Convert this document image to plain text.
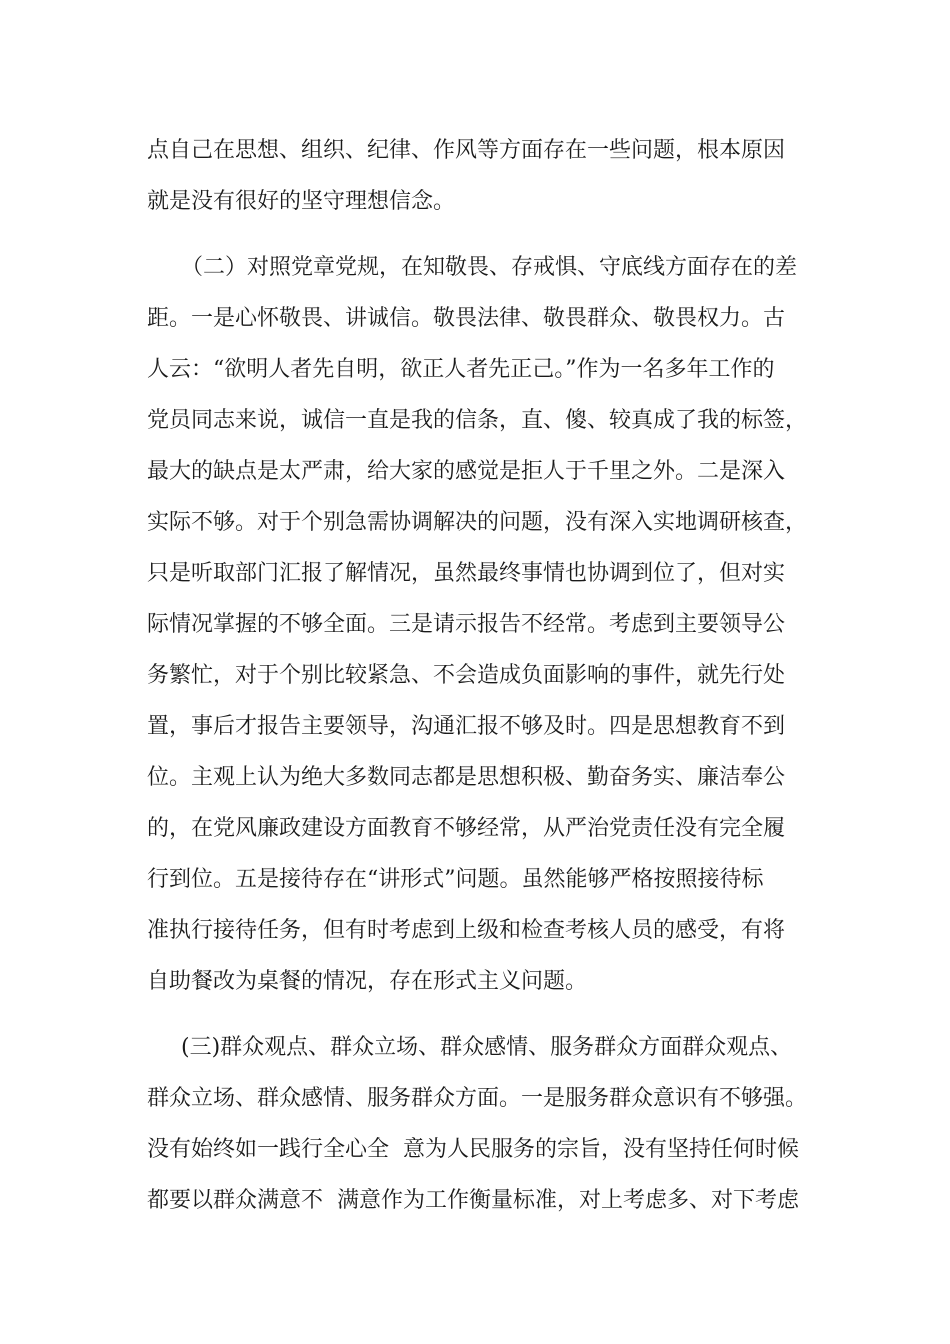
点自己在思想、组织、纪律、作风等方面存在一些问题，根本原因
就是没有很好的坚守理想信念。
（二）对照党章党规，在知敬畏、存戒惧、守底线方面存在的差
距。一是心怀敬畏、讲诚信。敬畏法律、敬畏群众、敬畏权力。古
人云：“欲明人者先自明，欲正人者先正己。”作为一名多年工作的
党员同志来说，诚信一直是我的信条，直、傻、较真成了我的标签，
最大的缺点是太严肃，给大家的感觉是拒人于千里之外。二是深入
实际不够。对于个别急需协调解决的问题，没有深入实地调研核查，
只是听取部门汇报了解情况，虽然最终事情也协调到位了，但对实
际情况掌握的不够全面。三是请示报告不经常。考虑到主要领导公
务繁忙，对于个别比较紧急、不会造成负面影响的事件，就先行处
置，事后才报告主要领导，沟通汇报不够及时。四是思想教育不到
位。主观上认为绝大多数同志都是思想积极、勤奋务实、廉洁奉公
的，在党风廉政建设方面教育不够经常，从严治党责任没有完全履
行到位。五是接待存在“讲形式”问题。虽然能够严格按照接待标
准执行接待任务，但有时考虑到上级和检查考核人员的感受，有将
自助餐改为桌餐的情况，存在形式主义问题。
(三)群众观点、群众立场、群众感情、服务群众方面群众观点、
群众立场、群众感情、服务群众方面。一是服务群众意识有不够强。
没有始终如一践行全心全  意为人民服务的宗旨，没有坚持任何时候
都要以群众满意不  满意作为工作衡量标准，对上考虑多、对下考虑
